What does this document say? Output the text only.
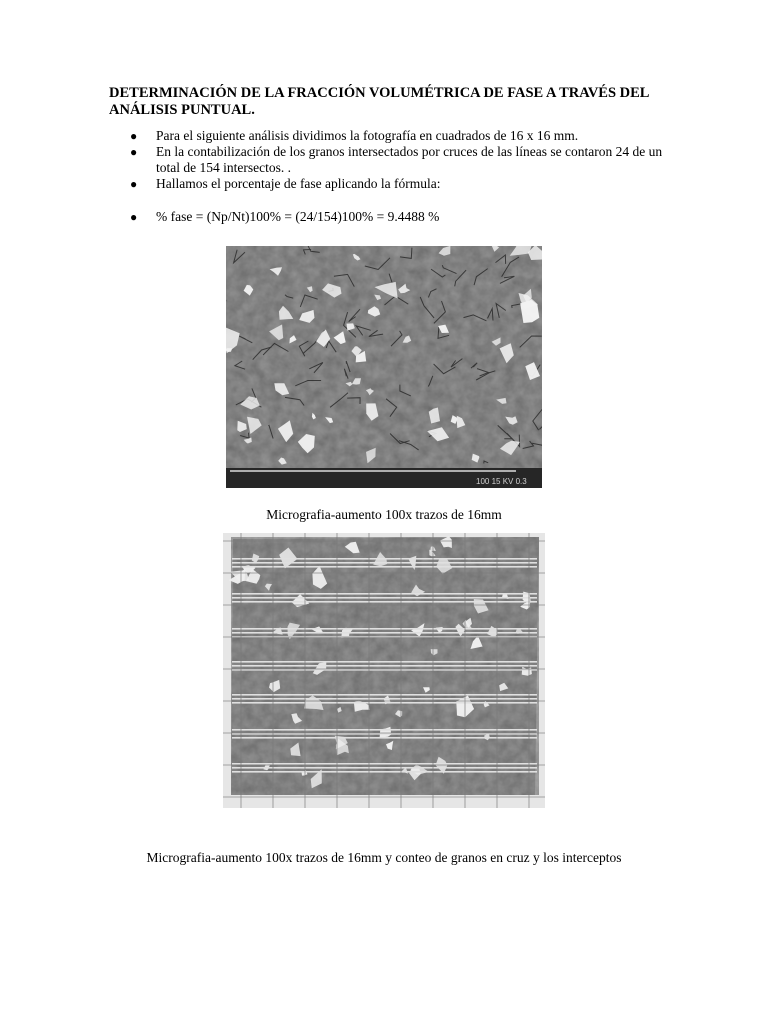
DETERMINACIÓN DE LA FRACCIÓN VOLUMÉTRICA DE FASE A TRAVÉS DEL ANÁLISIS PUNTUAL.
● Para el siguiente análisis dividimos la fotografía en cuadrados de 16 x 16 mm.
● En la contabilización de los granos intersectados por cruces de las líneas se contaron 24 de un total de 154 intersectos. .
● Hallamos el porcentaje de fase aplicando la fórmula:
● % fase = (Np/Nt)100% = (24/154)100% = 9.4488 %
100 15 KV 0.3
Micrografia-aumento 100x trazos de 16mm
Micrografia-aumento 100x trazos de 16mm y conteo de granos en cruz y los interceptos
